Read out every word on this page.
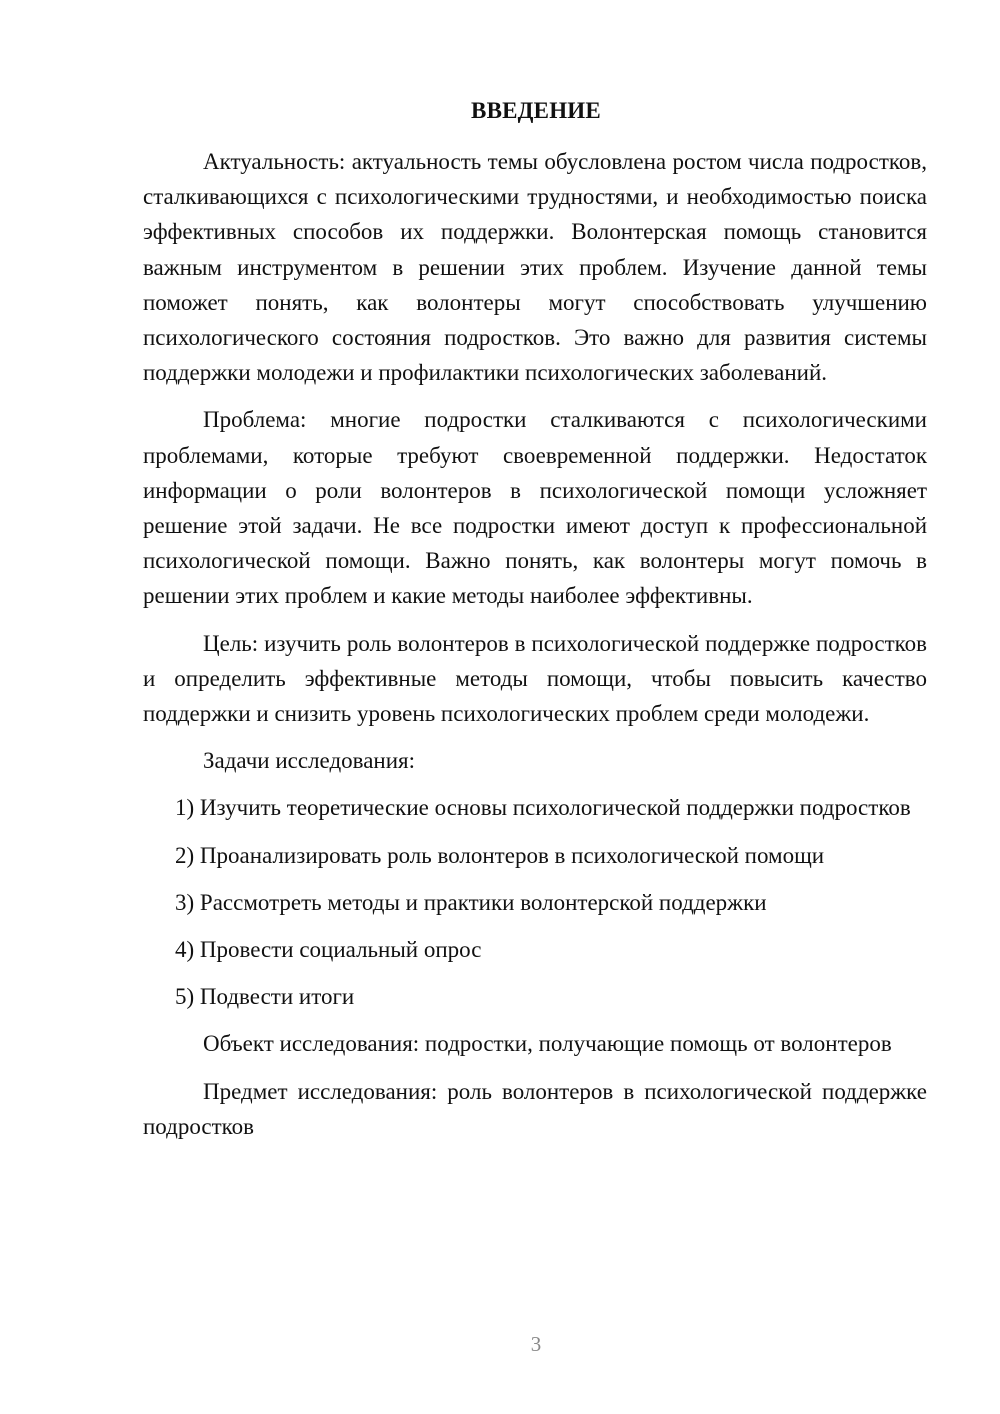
ВВЕДЕНИЕ

Актуальность: актуальность темы обусловлена ростом числа подростков, сталкивающихся с психологическими трудностями, и необходимостью поиска эффективных способов их поддержки. Волонтерская помощь становится важным инструментом в решении этих проблем. Изучение данной темы поможет понять, как волонтеры могут способствовать улучшению психологического состояния подростков. Это важно для развития системы поддержки молодежи и профилактики психологических заболеваний.

Проблема: многие подростки сталкиваются с психологическими проблемами, которые требуют своевременной поддержки. Недостаток информации о роли волонтеров в психологической помощи усложняет решение этой задачи. Не все подростки имеют доступ к профессиональной психологической помощи. Важно понять, как волонтеры могут помочь в решении этих проблем и какие методы наиболее эффективны.

Цель: изучить роль волонтеров в психологической поддержке подростков и определить эффективные методы помощи, чтобы повысить качество поддержки и снизить уровень психологических проблем среди молодежи.

Задачи исследования:

1) Изучить теоретические основы психологической поддержки подростков

2) Проанализировать роль волонтеров в психологической помощи

3) Рассмотреть методы и практики волонтерской поддержки

4) Провести социальный опрос

5) Подвести итоги

Объект исследования: подростки, получающие помощь от волонтеров

Предмет исследования: роль волонтеров в психологической поддержке подростков

3
